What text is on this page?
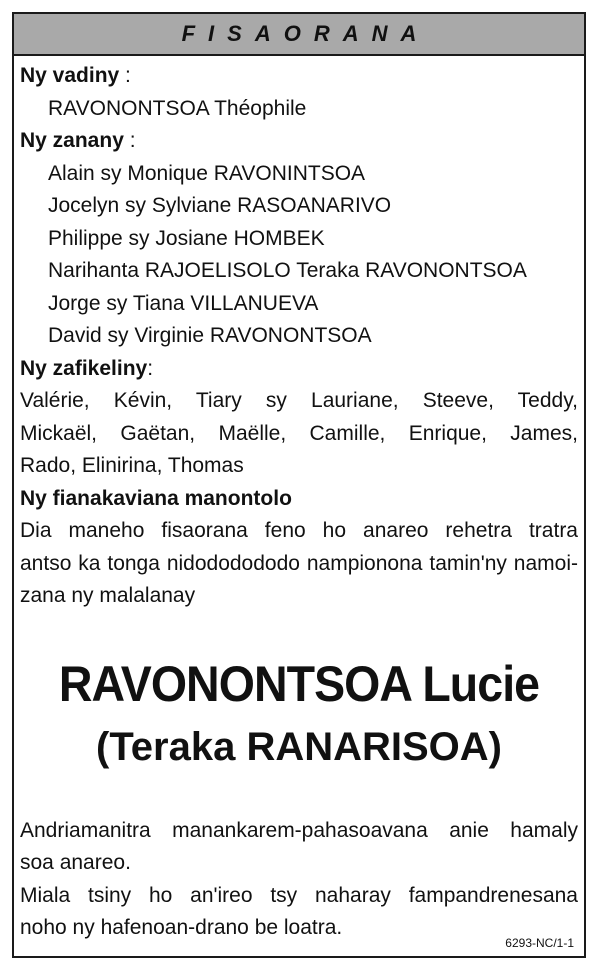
FISAORANA
Ny vadiny :
RAVONONTSOA Théophile
Ny zanany :
Alain sy Monique RAVONINTSOA
Jocelyn sy Sylviane RASOANARIVO
Philippe sy Josiane HOMBEK
Narihanta RAJOELISOLO Teraka RAVONONTSOA
Jorge sy Tiana VILLANUEVA
David sy Virginie RAVONONTSOA
Ny zafikeliny:
Valérie, Kévin, Tiary sy Lauriane, Steeve, Teddy,
Mickaël, Gaëtan, Maëlle, Camille, Enrique, James,
Rado, Elinirina, Thomas
Ny fianakaviana manontolo
Dia maneho fisaorana feno ho anareo rehetra tratra
antso ka tonga nidododododo nampionona tamin'ny namoi-
zana ny malalanay
RAVONONTSOA Lucie
(Teraka RANARISOA)
Andriamanitra manankarem-pahasoavana anie hamaly
soa anareo.
Miala tsiny ho an'ireo tsy naharay fampandrenesana
noho ny hafenoan-drano be loatra.
6293-NC/1-1
